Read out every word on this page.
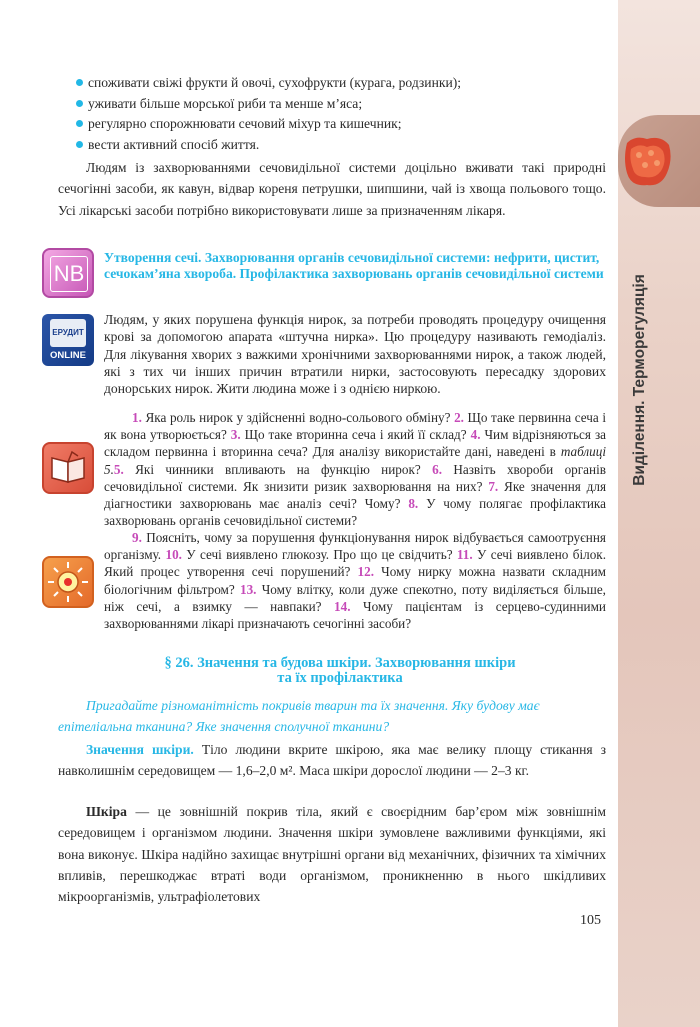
Виділення. Терморегуляція
споживати свіжі фрукти й овочі, сухофрукти (курага, родзинки);
уживати більше морської риби та менше м’яса;
регулярно спорожнювати сечовий міхур та кишечник;
вести активний спосіб життя.

Людям із захворюваннями сечовидільної системи доцільно вживати такі природні сечогінні засоби, як кавун, відвар кореня петрушки, шипшини, чай із хвоща польового тощо. Усі лікарські засоби потрібно використовувати лише за призначенням лікаря.

NB
Утворення сечі. Захворювання органів сечовидільної системи: нефрити, цистит, сечокам’яна хвороба. Профілактика захворювань органів сечовидільної системи
ЕРУДИТ
ONLINE
Людям, у яких порушена функція нирок, за потреби проводять процедуру очищення крові за допомогою апарата «штучна нирка». Цю процедуру називають гемодіаліз. Для лікування хворих з важкими хронічними захворюваннями нирок, а також людей, які з тих чи інших причин втратили нирки, застосовують пересадку здорових донорських нирок. Жити людина може і з однією ниркою.

1. Яка роль нирок у здійсненні водно-сольового обміну? 2. Що таке первинна сеча і як вона утворюється? 3. Що таке вторинна сеча і який її склад? 4. Чим відрізняються за складом первинна і вторинна сеча? Для аналізу використайте дані, наведені в таблиці 5.5. Які чинники впливають на функцію нирок? 6. Назвіть хвороби органів сечовидільної системи. Як знизити ризик захворювання на них? 7. Яке значення для діагностики захворювань має аналіз сечі? Чому? 8. У чому полягає профілактика захворювань органів сечовидільної системи?

9. Поясніть, чому за порушення функціонування нирок відбувається самоотруєння організму. 10. У сечі виявлено глюкозу. Про що це свідчить? 11. У сечі виявлено білок. Який процес утворення сечі порушений? 12. Чому нирку можна назвати складним біологічним фільтром? 13. Чому влітку, коли дуже спекотно, поту виділяється більше, ніж сечі, а взимку — навпаки? 14. Чому пацієнтам із серцево-судинними захворюваннями лікарі призначають сечогінні засоби?

§ 26. Значення та будова шкіри. Захворювання шкіри
та їх профілактика

Пригадайте різноманітність покривів тварин та їх значення. Яку будову має епітеліальна тканина? Яке значення сполучної тканини?

Значення шкіри. Тіло людини вкрите шкірою, яка має велику площу стикання з навколишнім середовищем — 1,6–2,0 м². Маса шкіри дорослої людини — 2–3 кг.

Шкіра — це зовнішній покрив тіла, який є своєрідним бар’єром між зовнішнім середовищем і організмом людини. Значення шкіри зумовлене важливими функціями, які вона виконує. Шкіра надійно захищає внутрішні органи від механічних, фізичних та хімічних впливів, перешкоджає втраті води організмом, проникненню в нього шкідливих мікроорганізмів, ультрафіолетових

105
